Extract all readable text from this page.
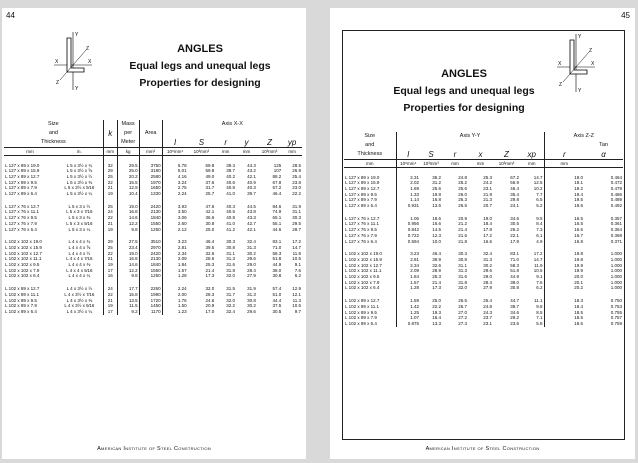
44
Y
X	X
Y
Z
Z	ANGLES
Equal legs and unequal legs
Properties for designing
Size			Mass		Axis X-X					
and		k	per	Area						
Thickness			Meter		I	S	r	y	Z	yp
mm	in.	mm	kg	mm²	10⁶mm⁴	10³mm³	mm	mm	10³mm³	mm

L 127 x 89 x 19.0	L 5 x 3½ x ¾	32	29.5	3750	5.78	69.8	39.3	44.3	125	28.5
L 127 x 89 x 15.9	L 5 x 3½ x ⅝	29	25.0	3180	5.01	59.8	39.7	43.2	107	26.9
L 127 x 89 x 12.7	L 5 x 3½ x ½	25	20.2	2580	4.16	49.0	40.2	42.1	88.2	25.4
L 127 x 89 x 9.5	L 5 x 3½ x ⅜	22	15.5	1970	3.24	37.6	40.6	40.9	67.8	23.8
L 127 x 89 x 7.9	L 5 x 3½ x 5⁄16	21	12.9	1650	2.75	31.7	40.8	40.3	57.2	23.0
L 127 x 89 x 6.4	L 5 x 3½ x ¼	19	10.4	1330	2.24	25.7	41.0	39.7	46.4	22.2

L 127 x 76 x 12.7	L 5 x 3 x ½	25	19.0	2420	3.93	47.6	40.3	44.5	84.6	31.9
L 127 x 76 x 11.1	L 5 x 3 x 7⁄16	24	16.8	2130	3.50	42.1	40.5	43.8	74.9	31.1
L 127 x 76 x 9.5	L 5 x 3 x ⅜	22	14.6	1840	3.06	36.6	40.8	43.3	65.1	30.3
L 127 x 76 x 7.9	L 5 x 3 x 5⁄16	21	12.2	1550	2.60	30.8	41.0	42.7	55.1	29.5
L 127 x 76 x 6.4	L 5 x 3 x ¼	19	9.8	1250	2.12	25.0	41.2	42.1	44.6	28.7

L 102 x 102 x 19.0	L 4 x 4 x ¾	29	27.5	3510	3.23	46.4	30.3	32.4	83.1	17.2
L 102 x 102 x 15.9	L 4 x 4 x ⅝	25	23.4	2970	2.81	39.5	30.8	31.3	71.0	14.7
L 102 x 102 x 12.7	L 4 x 4 x ½	22	19.0	2420	2.34	32.6	31.1	30.2	58.3	11.9
L 102 x 102 x 11.1	L 4 x 4 x 7⁄16	21	16.8	2130	2.09	28.6	31.3	29.6	51.8	10.5
L 102 x 102 x 9.5	L 4 x 4 x ⅜	19	14.6	1840	1.84	25.3	31.6	29.0	44.9	9.1
L 102 x 102 x 7.9	L 4 x 4 x 5⁄16	17	12.2	1550	1.57	21.4	31.8	28.4	38.0	7.6
L 102 x 102 x 6.4	L 4 x 4 x ¼	16	9.8	1250	1.28	17.3	32.0	27.9	30.8	6.2

L 102 x 89 x 12.7	L 4 x 3½ x ½	24	17.7	2260	2.24	32.0	31.5	31.9	57.4	12.9
L 102 x 89 x 11.1	L 4 x 3½ x 7⁄16	22	15.8	1990	2.00	28.3	31.7	31.3	51.0	12.1
L 102 x 89 x 9.5	L 4 x 3½ x ⅜	21	13.5	1720	1.76	24.6	32.0	30.8	44.4	11.3
L 102 x 89 x 7.9	L 4 x 3½ x 5⁄16	19	11.5	1450	1.50	20.9	32.2	30.2	37.5	10.5
L 102 x 89 x 6.4	L 4 x 3½ x ¼	17	9.2	1170	1.23	17.0	32.4	29.6	30.5	9.7
American Institute of Steel Construction
45
Y
X	X
Y
Z
Z
ANGLES
Equal legs and unequal legs
Properties for designing
Size	Axis Y-Y						Axis Z-Z	
and								Tan
Thickness	I	S	r	x	Z	xp	r	α
mm	10⁶mm⁴	10³mm³	mm	mm	10³mm³	mm	mm	

L 127 x 89 x 19.0	2.31	36.2	24.8	25.3	67.2	14.7	19.0	0.464
L 127 x 89 x 15.9	2.02	31.2	25.2	24.2	56.9	12.5	19.1	0.472
L 127 x 89 x 12.7	1.69	25.6	25.6	23.1	46.4	10.2	19.2	0.479
L 127 x 89 x 9.5	1.33	19.8	26.0	21.9	35.4	7.7	19.4	0.486
L 127 x 89 x 7.9	1.14	16.8	26.3	21.3	29.8	6.5	19.5	0.489
L 127 x 89 x 6.4	0.931	13.6	26.5	20.7	24.1	5.2	19.6	0.492

L 127 x 76 x 12.7	1.06	18.6	20.9	19.0	34.6	9.5	16.5	0.357
L 127 x 76 x 11.1	0.956	16.6	21.2	18.4	30.5	8.4	16.5	0.361
L 127 x 76 x 9.5	0.842	14.5	21.4	17.8	26.2	7.3	16.6	0.364
L 127 x 76 x 7.9	0.722	12.3	21.6	17.2	22.1	6.1	16.7	0.368
L 127 x 76 x 6.4	0.594	10.0	21.8	16.6	17.9	4.9	16.8	0.371

L 102 x 102 x 19.0	3.23	46.4	30.3	32.4	83.1	17.2	19.8	1.000
L 102 x 102 x 15.9	2.81	39.9	30.8	31.3	71.0	14.7	19.8	1.000
L 102 x 102 x 12.7	2.34	32.6	31.1	30.2	58.3	11.9	19.9	1.000
L 102 x 102 x 11.1	2.09	28.9	31.3	29.6	51.8	10.5	19.9	1.000
L 102 x 102 x 9.5	1.84	25.3	31.6	29.0	44.9	9.1	20.0	1.000
L 102 x 102 x 7.9	1.57	21.4	31.8	28.4	38.0	7.6	20.1	1.000
L 102 x 102 x 6.4	1.28	17.3	32.0	27.9	30.8	6.2	20.2	1.000

L 102 x 89 x 12.7	1.59	25.0	26.5	25.4	44.7	11.1	18.3	0.750
L 102 x 89 x 11.1	1.42	22.2	26.7	24.8	39.7	9.8	18.4	0.753
L 102 x 89 x 9.5	1.25	19.3	27.0	24.3	34.6	8.5	18.5	0.755
L 102 x 89 x 7.9	1.07	16.4	27.2	23.7	29.2	7.1	18.5	0.757
L 102 x 89 x 6.4	0.875	13.3	27.3	23.1	23.6	5.8	18.6	0.759
American Institute of Steel Construction
